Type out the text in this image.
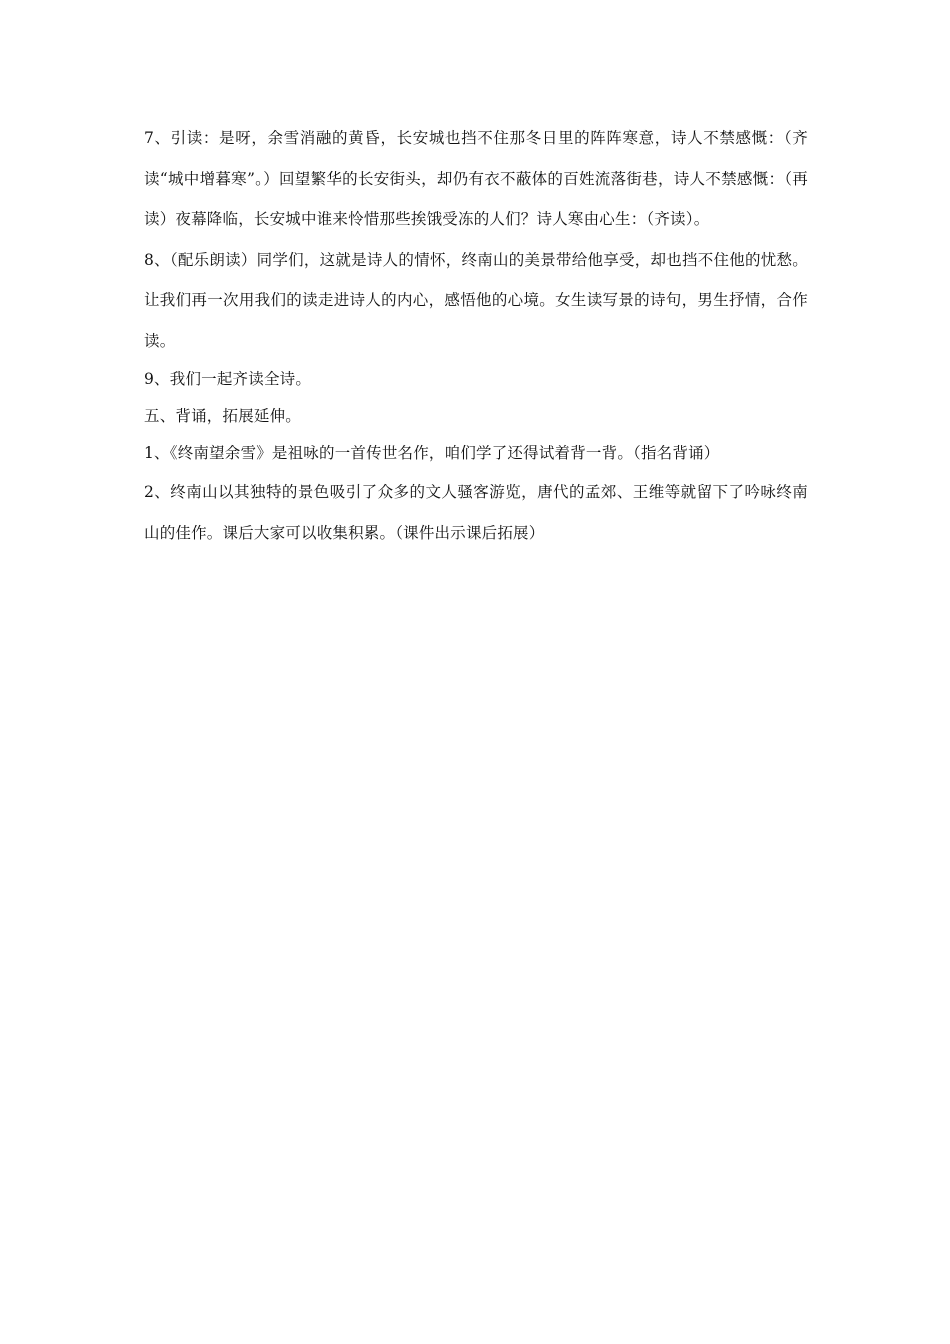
7、引读：是呀，余雪消融的黄昏，长安城也挡不住那冬日里的阵阵寒意，诗人不禁感慨：（齐读“城中增暮寒”。）回望繁华的长安街头，却仍有衣不蔽体的百姓流落街巷，诗人不禁感慨：（再读）夜幕降临，长安城中谁来怜惜那些挨饿受冻的人们？诗人寒由心生：（齐读）。

8、（配乐朗读）同学们，这就是诗人的情怀，终南山的美景带给他享受，却也挡不住他的忧愁。让我们再一次用我们的读走进诗人的内心，感悟他的心境。女生读写景的诗句，男生抒情，合作读。

9、我们一起齐读全诗。

五、背诵，拓展延伸。

1、《终南望余雪》是祖咏的一首传世名作，咱们学了还得试着背一背。（指名背诵）

2、终南山以其独特的景色吸引了众多的文人骚客游览，唐代的孟郊、王维等就留下了吟咏终南山的佳作。课后大家可以收集积累。（课件出示课后拓展）
